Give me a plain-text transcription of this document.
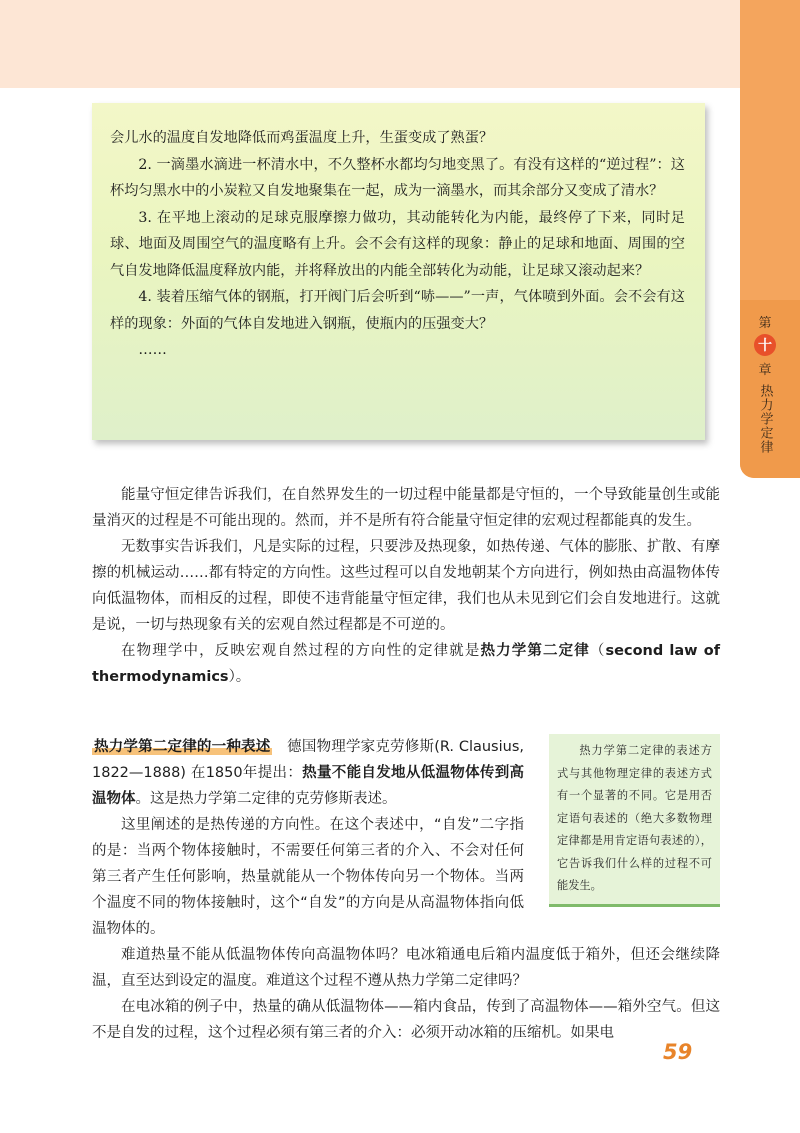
第
十
章
热力学定律

会儿水的温度自发地降低而鸡蛋温度上升，生蛋变成了熟蛋？

2. 一滴墨水滴进一杯清水中，不久整杯水都均匀地变黑了。有没有这样的“逆过程”：这杯均匀黑水中的小炭粒又自发地聚集在一起，成为一滴墨水，而其余部分又变成了清水？

3. 在平地上滚动的足球克服摩擦力做功，其动能转化为内能，最终停了下来，同时足球、地面及周围空气的温度略有上升。会不会有这样的现象：静止的足球和地面、周围的空气自发地降低温度释放内能，并将释放出的内能全部转化为动能，让足球又滚动起来？

4. 装着压缩气体的钢瓶，打开阀门后会听到“哧——”一声，气体喷到外面。会不会有这样的现象：外面的气体自发地进入钢瓶，使瓶内的压强变大？

……

能量守恒定律告诉我们，在自然界发生的一切过程中能量都是守恒的，一个导致能量创生或能量消灭的过程是不可能出现的。然而，并不是所有符合能量守恒定律的宏观过程都能真的发生。

无数事实告诉我们，凡是实际的过程，只要涉及热现象，如热传递、气体的膨胀、扩散、有摩擦的机械运动……都有特定的方向性。这些过程可以自发地朝某个方向进行，例如热由高温物体传向低温物体，而相反的过程，即使不违背能量守恒定律，我们也从未见到它们会自发地进行。这就是说，一切与热现象有关的宏观自然过程都是不可逆的。

在物理学中，反映宏观自然过程的方向性的定律就是热力学第二定律（second law of thermodynamics）。

热力学第二定律的一种表述　德国物理学家克劳修斯(R. Clausius, 1822—1888) 在1850年提出：热量不能自发地从低温物体传到高温物体。这是热力学第二定律的克劳修斯表述。

这里阐述的是热传递的方向性。在这个表述中，“自发”二字指的是：当两个物体接触时，不需要任何第三者的介入、不会对任何第三者产生任何影响，热量就能从一个物体传向另一个物体。当两个温度不同的物体接触时，这个“自发”的方向是从高温物体指向低温物体的。

热力学第二定律的表述方式与其他物理定律的表述方式有一个显著的不同。它是用否定语句表述的（绝大多数物理定律都是用肯定语句表述的），它告诉我们什么样的过程不可能发生。

难道热量不能从低温物体传向高温物体吗？电冰箱通电后箱内温度低于箱外，但还会继续降温，直至达到设定的温度。难道这个过程不遵从热力学第二定律吗？

在电冰箱的例子中，热量的确从低温物体——箱内食品，传到了高温物体——箱外空气。但这不是自发的过程，这个过程必须有第三者的介入：必须开动冰箱的压缩机。如果电

59
